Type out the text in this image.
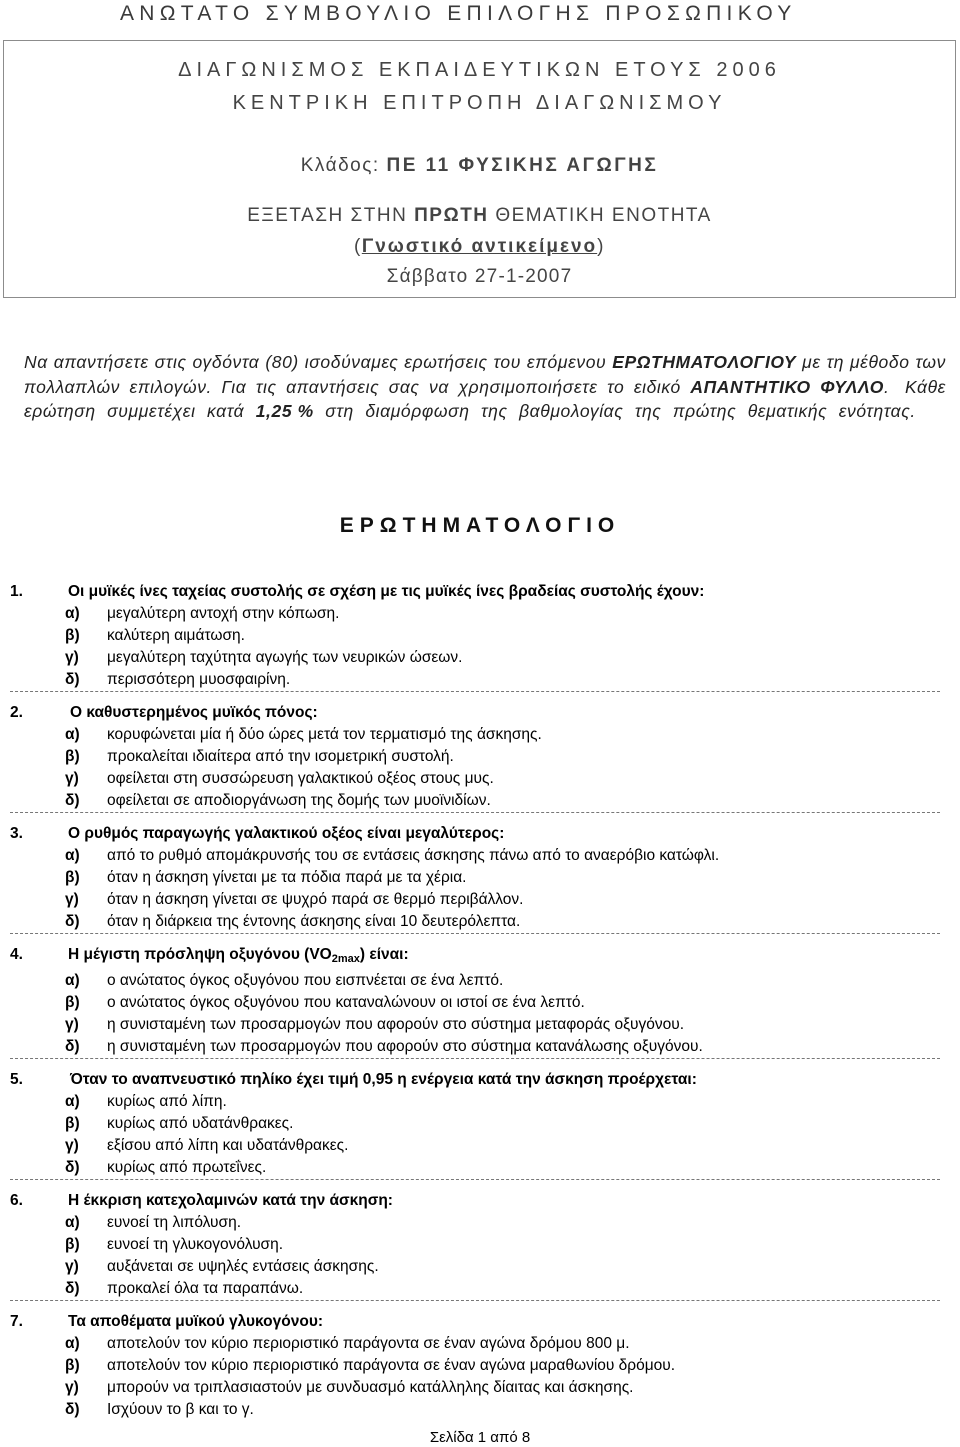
ΑΝΩΤΑΤΟ ΣΥΜΒΟΥΛΙΟ ΕΠΙΛΟΓΗΣ ΠΡΟΣΩΠΙΚΟΥ
ΔΙΑΓΩΝΙΣΜΟΣ ΕΚΠΑΙΔΕΥΤΙΚΩΝ ΕΤΟΥΣ 2006
ΚΕΝΤΡΙΚΗ ΕΠΙΤΡΟΠΗ ΔΙΑΓΩΝΙΣΜΟΥ
Κλάδος: ΠΕ 11 ΦΥΣΙΚΗΣ ΑΓΩΓΗΣ
ΕΞΕΤΑΣΗ ΣΤΗΝ ΠΡΩΤΗ ΘΕΜΑΤΙΚΗ ΕΝΟΤΗΤΑ
(Γνωστικό αντικείμενο)
Σάββατο 27-1-2007
Να απαντήσετε στις ογδόντα (80) ισοδύναμες ερωτήσεις του επόμενου ΕΡΩΤΗΜΑΤΟΛΟΓΙΟΥ με τη μέθοδο των πολλαπλών επιλογών. Για τις απαντήσεις σας να χρησιμοποιήσετε το ειδικό ΑΠΑΝΤΗΤΙΚΟ ΦΥΛΛΟ. Κάθε ερώτηση συμμετέχει κατά 1,25 % στη διαμόρφωση της βαθμολογίας της πρώτης θεματικής ενότητας.
ΕΡΩΤΗΜΑΤΟΛΟΓΙΟ
1.	Οι μυϊκές ίνες ταχείας συστολής σε σχέση με τις μυϊκές ίνες βραδείας συστολής έχουν:
α)	μεγαλύτερη αντοχή στην κόπωση.
β)	καλύτερη αιμάτωση.
γ)	μεγαλύτερη ταχύτητα αγωγής των νευρικών ώσεων.
δ)	περισσότερη μυοσφαιρίνη.
2.	Ο καθυστερημένος μυϊκός πόνος:
α)	κορυφώνεται μία ή δύο ώρες μετά τον τερματισμό της άσκησης.
β)	προκαλείται ιδιαίτερα από την ισομετρική συστολή.
γ)	οφείλεται στη συσσώρευση γαλακτικού οξέος στους μυς.
δ)	οφείλεται σε αποδιοργάνωση της δομής των μυοϊνιδίων.
3.	Ο ρυθμός παραγωγής γαλακτικού οξέος είναι μεγαλύτερος:
α)	από το ρυθμό απομάκρυνσής του σε εντάσεις άσκησης πάνω από το αναερόβιο κατώφλι.
β)	όταν η άσκηση γίνεται με τα πόδια παρά με τα χέρια.
γ)	όταν η άσκηση γίνεται σε ψυχρό παρά σε θερμό περιβάλλον.
δ)	όταν η διάρκεια της έντονης άσκησης είναι 10 δευτερόλεπτα.
4.	Η μέγιστη πρόσληψη οξυγόνου $(VO_{2max})$ είναι:
α)	ο ανώτατος όγκος οξυγόνου που εισπνέεται σε ένα λεπτό.
β)	ο ανώτατος όγκος οξυγόνου που καταναλώνουν οι ιστοί σε ένα λεπτό.
γ)	η συνισταμένη των προσαρμογών που αφορούν στο σύστημα μεταφοράς οξυγόνου.
δ)	η συνισταμένη των προσαρμογών που αφορούν στο σύστημα κατανάλωσης οξυγόνου.
5.	Όταν το αναπνευστικό πηλίκο έχει τιμή 0,95 η ενέργεια κατά την άσκηση προέρχεται:
α)	κυρίως από λίπη.
β)	κυρίως από υδατάνθρακες.
γ)	εξίσου από λίπη και υδατάνθρακες.
δ)	κυρίως από πρωτεΐνες.
6.	Η έκκριση κατεχολαμινών κατά την άσκηση:
α)	ευνοεί τη λιπόλυση.
β)	ευνοεί τη γλυκογονόλυση.
γ)	αυξάνεται σε υψηλές εντάσεις άσκησης.
δ)	προκαλεί όλα τα παραπάνω.
7.	Τα αποθέματα μυϊκού γλυκογόνου:
α)	αποτελούν τον κύριο περιοριστικό παράγοντα σε έναν αγώνα δρόμου 800 μ.
β)	αποτελούν τον κύριο περιοριστικό παράγοντα σε έναν αγώνα μαραθωνίου δρόμου.
γ)	μπορούν να τριπλασιαστούν με συνδυασμό κατάλληλης δίαιτας και άσκησης.
δ)	Ισχύουν το β και το γ.
Σελίδα 1 από 8
